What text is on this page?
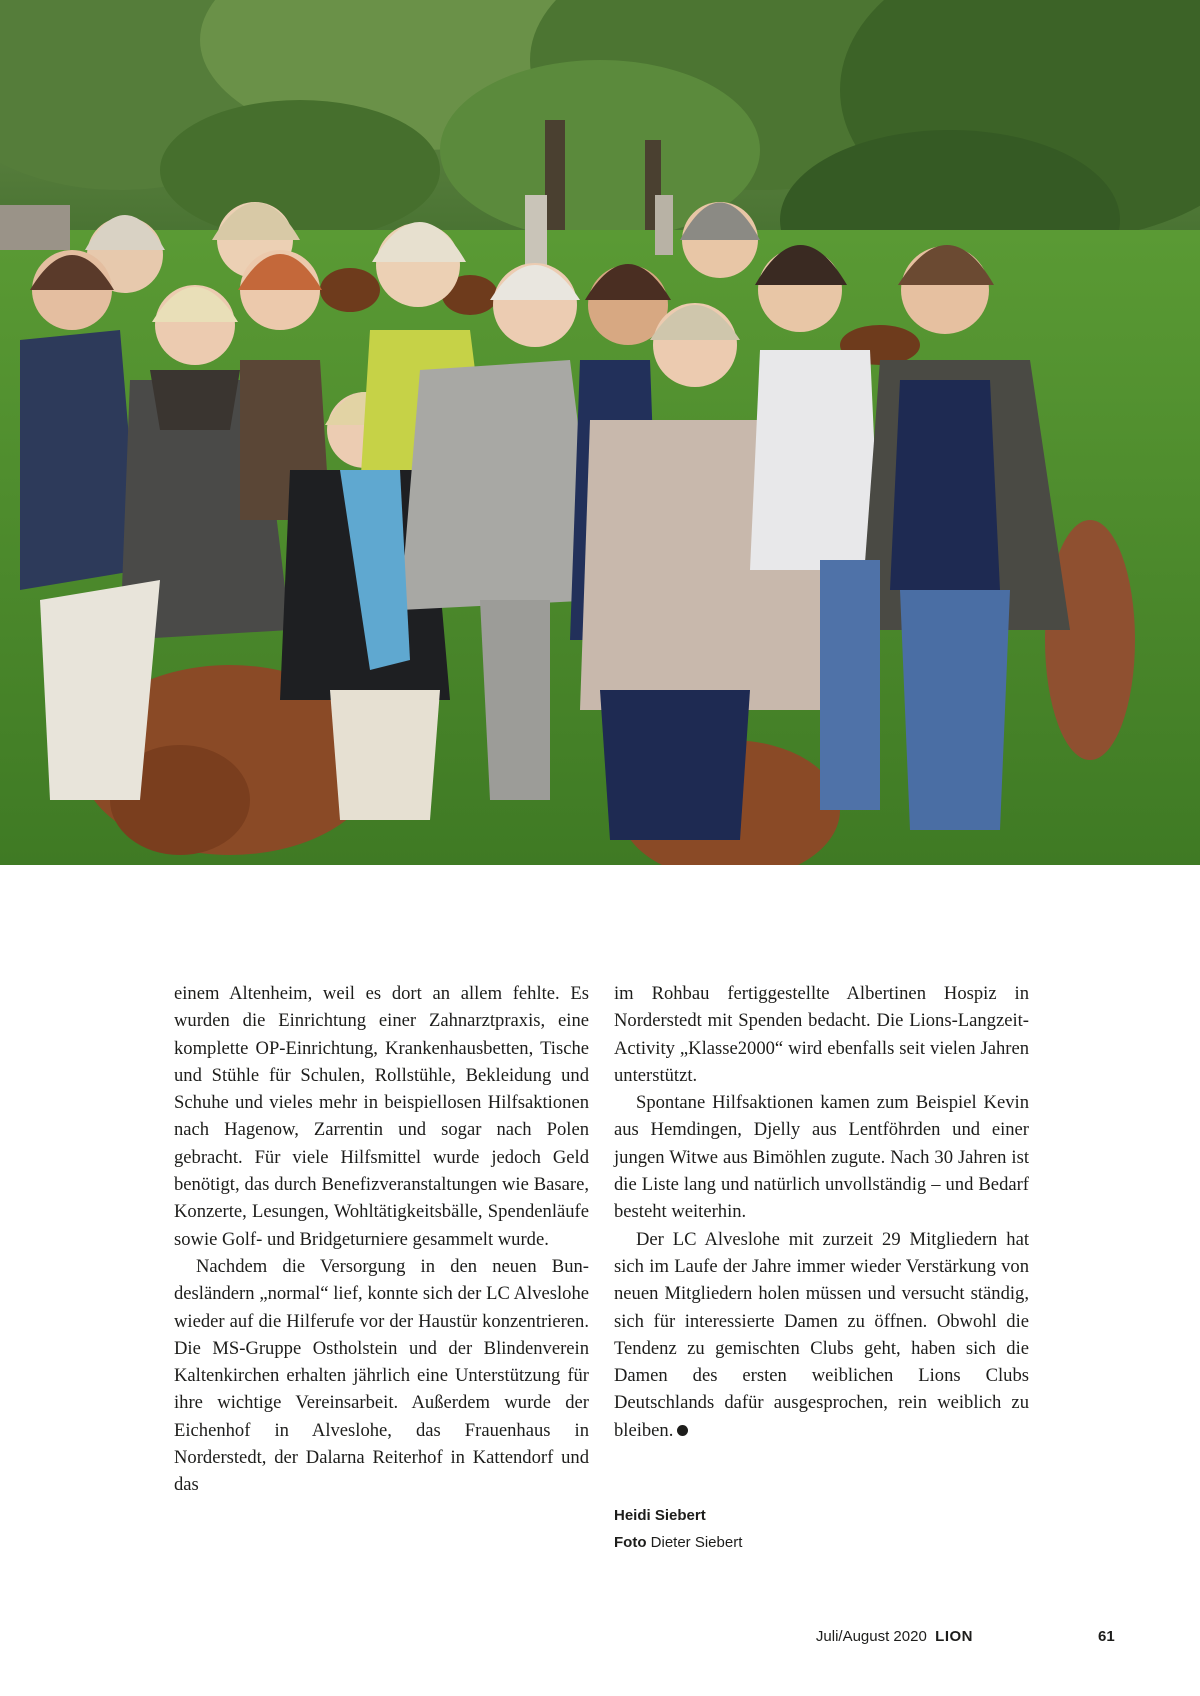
einem Altenheim, weil es dort an allem fehlte. Es wurden die Einrichtung einer Zahnarztpraxis, eine komplette OP-Einrichtung, Krankenhausbetten, Tische und Stühle für Schulen, Rollstühle, Bekleidung und Schuhe und vieles mehr in beispiellosen Hilfsaktionen nach Hagenow, Zarrentin und sogar nach Polen gebracht. Für viele Hilfsmittel wurde jedoch Geld benötigt, das durch Benefizveranstaltungen wie Basare, Konzerte, Lesungen, Wohltätigkeitsbälle, Spendenläufe sowie Golf- und Bridgeturniere gesammelt wurde.

Nachdem die Versorgung in den neuen Bundesländern „normal“ lief, konnte sich der LC Alveslohe wieder auf die Hilferufe vor der Haustür konzentrieren. Die MS-Gruppe Ostholstein und der Blindenverein Kaltenkirchen erhalten jährlich eine Unterstützung für ihre wichtige Vereinsarbeit. Außerdem wurde der Eichenhof in Alveslohe, das Frauenhaus in Norderstedt, der Dalarna Reiterhof in Kattendorf und das

im Rohbau fertiggestellte Albertinen Hospiz in Norderstedt mit Spenden bedacht. Die Lions-Langzeit-Activity „Klasse2000“ wird ebenfalls seit vielen Jahren unterstützt.

Spontane Hilfsaktionen kamen zum Beispiel Kevin aus Hemdingen, Djelly aus Lentföhrden und einer jungen Witwe aus Bimöhlen zugute. Nach 30 Jahren ist die Liste lang und natürlich unvollständig – und Bedarf besteht weiterhin.

Der LC Alveslohe mit zurzeit 29 Mitgliedern hat sich im Laufe der Jahre immer wieder Verstärkung von neuen Mitgliedern holen müssen und versucht ständig, sich für interessierte Damen zu öffnen. Obwohl die Tendenz zu gemischten Clubs geht, haben sich die Damen des ersten weiblichen Lions Clubs Deutschlands dafür ausgesprochen, rein weiblich zu bleiben.

Heidi Siebert
Foto Dieter Siebert
Juli/August 2020 LION	61
